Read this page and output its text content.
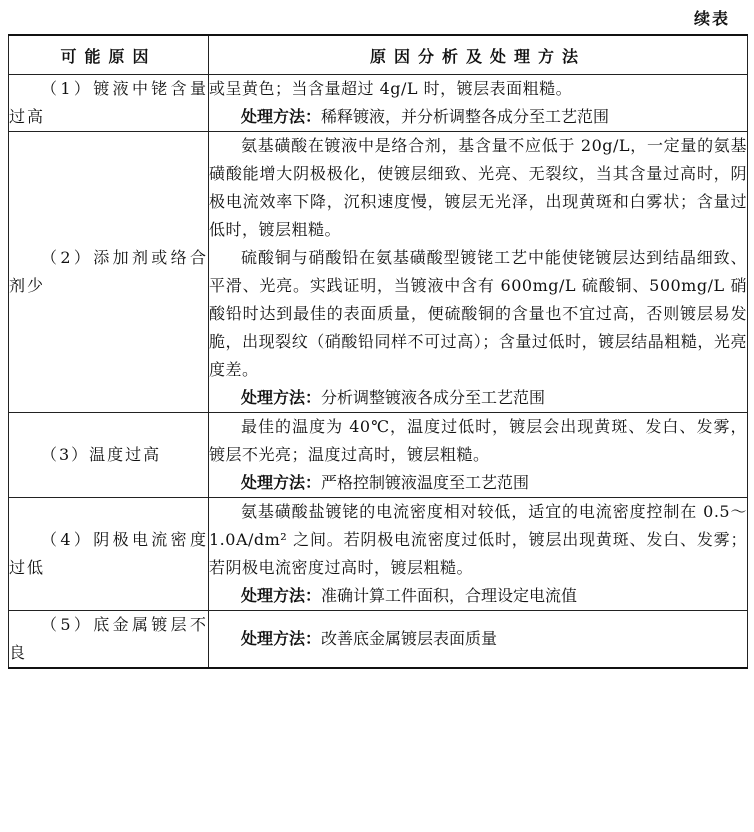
续表
可能原因	原因分析及处理方法
（1）镀液中铑含量过高	或呈黄色；当含量超过 4g/L 时，镀层表面粗糙。

处理方法：稀释镀液，并分析调整各成分至工艺范围

（2）添加剂或络合剂少	氨基磺酸在镀液中是络合剂，基含量不应低于 20g/L，一定量的氨基磺酸能增大阴极极化，使镀层细致、光亮、无裂纹，当其含量过高时，阴极电流效率下降，沉积速度慢，镀层无光泽，出现黄斑和白雾状；含量过低时，镀层粗糙。

硫酸铜与硝酸铅在氨基磺酸型镀铑工艺中能使铑镀层达到结晶细致、平滑、光亮。实践证明，当镀液中含有 600mg/L 硫酸铜、500mg/L 硝酸铅时达到最佳的表面质量，便硫酸铜的含量也不宜过高，否则镀层易发脆，出现裂纹（硝酸铅同样不可过高）；含量过低时，镀层结晶粗糙，光亮度差。

处理方法：分析调整镀液各成分至工艺范围

（3）温度过高	最佳的温度为 40℃，温度过低时，镀层会出现黄斑、发白、发雾，镀层不光亮；温度过高时，镀层粗糙。

处理方法：严格控制镀液温度至工艺范围

（4）阴极电流密度过低	氨基磺酸盐镀铑的电流密度相对较低，适宜的电流密度控制在 0.5～1.0A/dm² 之间。若阴极电流密度过低时，镀层出现黄斑、发白、发雾；若阴极电流密度过高时，镀层粗糙。

处理方法：准确计算工件面积，合理设定电流值

（5）底金属镀层不良	处理方法：改善底金属镀层表面质量
